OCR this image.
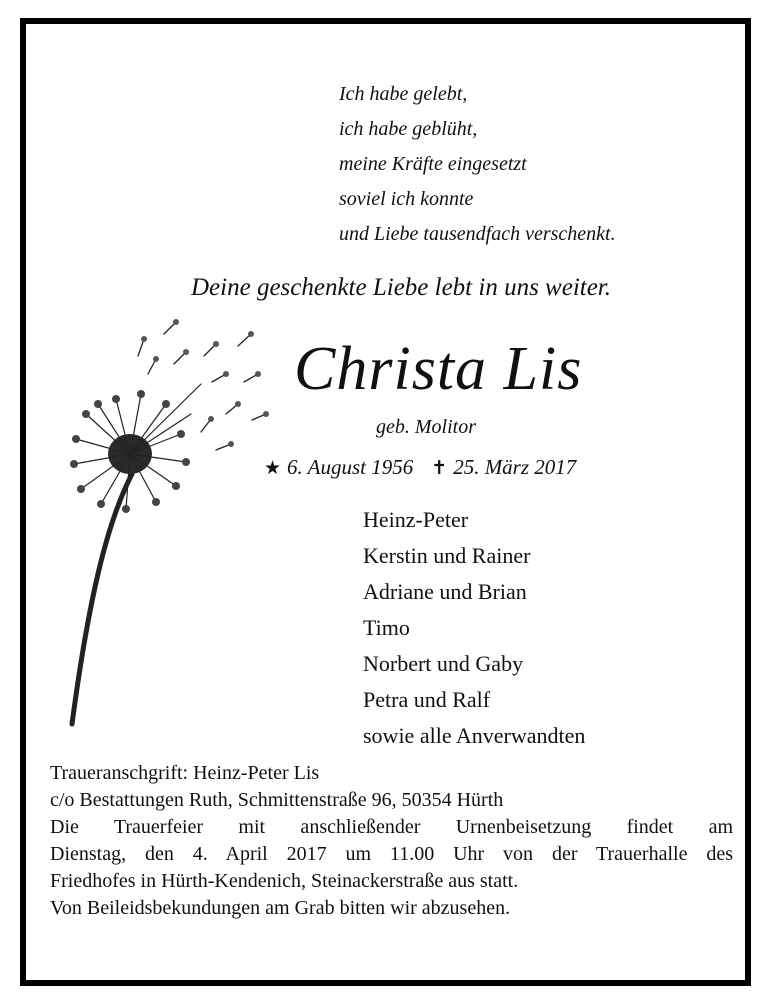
Ich habe gelebt,
ich habe geblüht,
meine Kräfte eingesetzt
soviel ich konnte
und Liebe tausendfach verschenkt.
Deine geschenkte Liebe lebt in uns weiter.
Christa Lis
geb. Molitor
★ 6. August 1956 ✝ 25. März 2017
Heinz-Peter
Kerstin und Rainer
Adriane und Brian
Timo
Norbert und Gaby
Petra und Ralf
sowie alle Anverwandten
Traueranschgrift: Heinz-Peter Lis
c/o Bestattungen Ruth, Schmittenstraße 96, 50354 Hürth
Die Trauerfeier mit anschließender Urnenbeisetzung findet am
Dienstag, den 4. April 2017 um 11.00 Uhr von der Trauerhalle des
Friedhofes in Hürth-Kendenich, Steinackerstraße aus statt.
Von Beileidsbekundungen am Grab bitten wir abzusehen.
